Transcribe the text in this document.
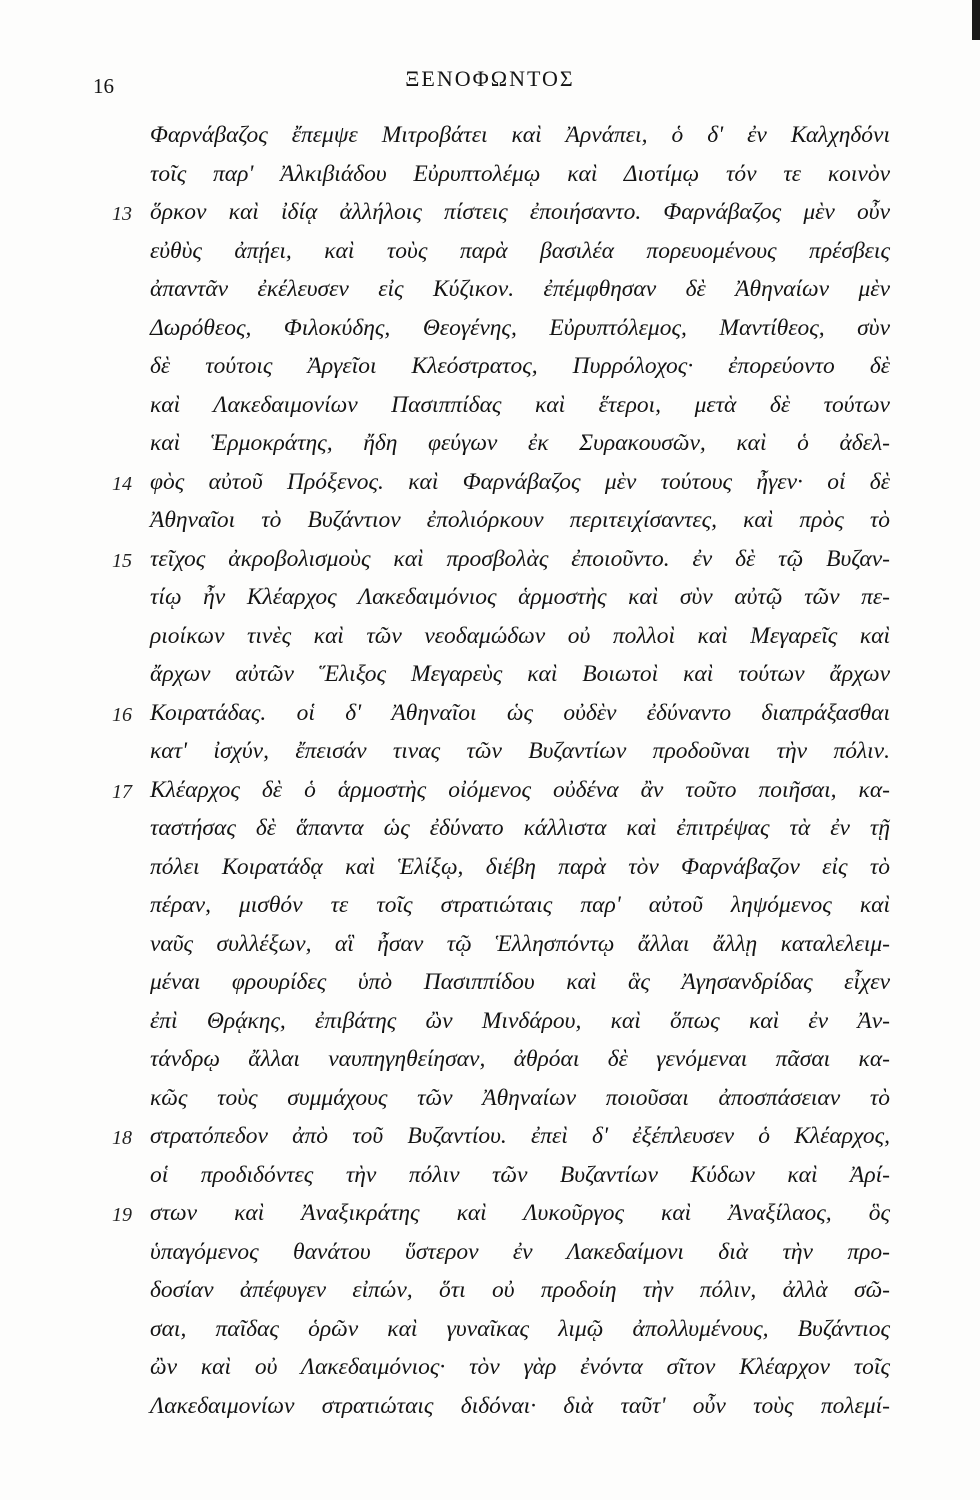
16	ΞΕΝΟΦΩΝΤΟΣ
Φαρνάβαζος ἔπεμψε Μιτροβάτει καὶ Ἀρνάπει, ὁ δ' ἐν Καλχηδόνι
τοῖς παρ' Ἀλκιβιάδου Εὐρυπτολέμῳ καὶ Διοτίμῳ τόν τε κοινὸν
13 ὅρκον καὶ ἰδίᾳ ἀλλήλοις πίστεις ἐποιήσαντο. Φαρνάβαζος μὲν οὖν
εὐθὺς ἀπῄει, καὶ τοὺς παρὰ βασιλέα πορευομένους πρέσβεις
ἀπαντᾶν ἐκέλευσεν εἰς Κύζικον. ἐπέμφθησαν δὲ Ἀθηναίων μὲν
Δωρόθεος, Φιλοκύδης, Θεογένης, Εὐρυπτόλεμος, Μαντίθεος, σὺν
δὲ τούτοις Ἀργεῖοι Κλεόστρατος, Πυρρόλοχος· ἐπορεύοντο δὲ
καὶ Λακεδαιμονίων Πασιππίδας καὶ ἕτεροι, μετὰ δὲ τούτων
καὶ Ἑρμοκράτης, ἤδη φεύγων ἐκ Συρακουσῶν, καὶ ὁ ἀδελ-
14 φὸς αὐτοῦ Πρόξενος. καὶ Φαρνάβαζος μὲν τούτους ἦγεν· οἱ δὲ
Ἀθηναῖοι τὸ Βυζάντιον ἐπολιόρκουν περιτειχίσαντες, καὶ πρὸς τὸ
15 τεῖχος ἀκροβολισμοὺς καὶ προσβολὰς ἐποιοῦντο. ἐν δὲ τῷ Βυζαν-
τίῳ ἦν Κλέαρχος Λακεδαιμόνιος ἁρμοστὴς καὶ σὺν αὐτῷ τῶν πε-
ριοίκων τινὲς καὶ τῶν νεοδαμώδων οὐ πολλοὶ καὶ Μεγαρεῖς καὶ
ἄρχων αὐτῶν Ἕλιξος Μεγαρεὺς καὶ Βοιωτοὶ καὶ τούτων ἄρχων
16 Κοιρατάδας. οἱ δ' Ἀθηναῖοι ὡς οὐδὲν ἐδύναντο διαπράξασθαι
κατ' ἰσχύν, ἔπεισάν τινας τῶν Βυζαντίων προδοῦναι τὴν πόλιν.
17 Κλέαρχος δὲ ὁ ἁρμοστὴς οἰόμενος οὐδένα ἂν τοῦτο ποιῆσαι, κα-
ταστήσας δὲ ἅπαντα ὡς ἐδύνατο κάλλιστα καὶ ἐπιτρέψας τὰ ἐν τῇ
πόλει Κοιρατάδᾳ καὶ Ἑλίξῳ, διέβη παρὰ τὸν Φαρνάβαζον εἰς τὸ
πέραν, μισθόν τε τοῖς στρατιώταις παρ' αὐτοῦ ληψόμενος καὶ
ναῦς συλλέξων, αἳ ἦσαν τῷ Ἑλλησπόντῳ ἄλλαι ἄλλῃ καταλελειμ-
μέναι φρουρίδες ὑπὸ Πασιππίδου καὶ ἃς Ἀγησανδρίδας εἶχεν
ἐπὶ Θρᾴκης, ἐπιβάτης ὢν Μινδάρου, καὶ ὅπως καὶ ἐν Ἀν-
τάνδρῳ ἄλλαι ναυπηγηθείησαν, ἀθρόαι δὲ γενόμεναι πᾶσαι κα-
κῶς τοὺς συμμάχους τῶν Ἀθηναίων ποιοῦσαι ἀποσπάσειαν τὸ
18 στρατόπεδον ἀπὸ τοῦ Βυζαντίου. ἐπεὶ δ' ἐξέπλευσεν ὁ Κλέαρχος,
οἱ προδιδόντες τὴν πόλιν τῶν Βυζαντίων Κύδων καὶ Ἀρί-
19 στων καὶ Ἀναξικράτης καὶ Λυκοῦργος καὶ Ἀναξίλαος, ὃς
ὑπαγόμενος θανάτου ὕστερον ἐν Λακεδαίμονι διὰ τὴν προ-
δοσίαν ἀπέφυγεν εἰπών, ὅτι οὐ προδοίη τὴν πόλιν, ἀλλὰ σῶ-
σαι, παῖδας ὁρῶν καὶ γυναῖκας λιμῷ ἀπολλυμένους, Βυζάντιος
ὢν καὶ οὐ Λακεδαιμόνιος· τὸν γὰρ ἐνόντα σῖτον Κλέαρχον τοῖς
Λακεδαιμονίων στρατιώταις διδόναι· διὰ ταῦτ' οὖν τοὺς πολεμί-
